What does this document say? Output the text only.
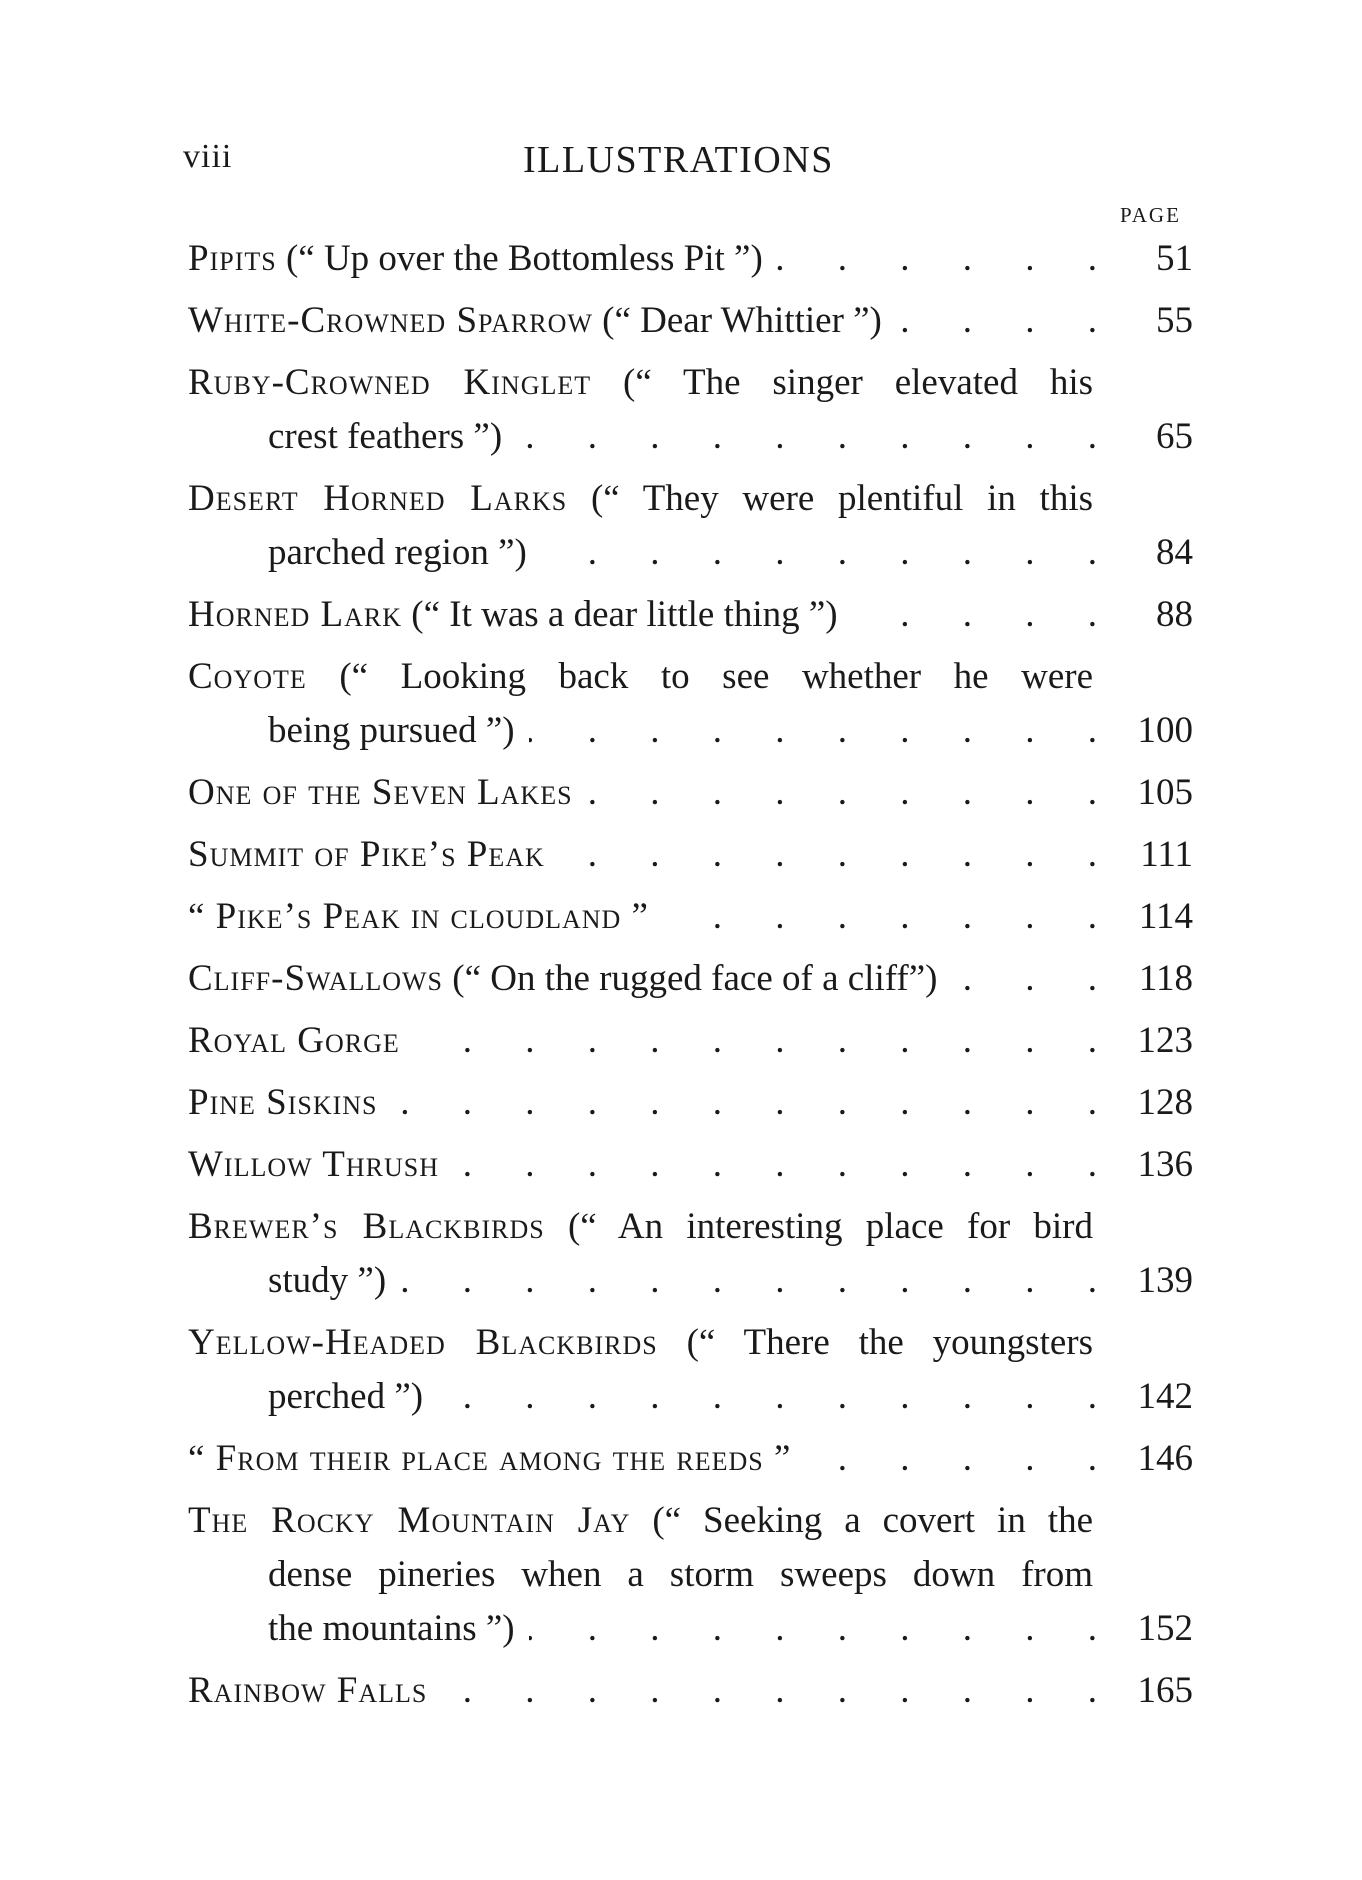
viii	ILLUSTRATIONS
PAGE
Pipits (“ Up over the Bottomless Pit ”) . . .	51
White-Crowned Sparrow (“ Dear Whittier ”) . . .	55
Ruby-Crowned Kinglet (“ The singer elevated his
crest feathers ”) . . .	65
Desert Horned Larks (“ They were plentiful in this
parched region ”) . . .	84
Horned Lark (“ It was a dear little thing ”) . . .	88
Coyote (“ Looking back to see whether he were
being pursued ”) . . .	100
One of the Seven Lakes . . .	105
Summit of Pike’s Peak . . .	111
“ Pike’s Peak in cloudland ” . . .	114
Cliff-Swallows (“ On the rugged face of a cliff”) . . .	118
Royal Gorge . . .	123
Pine Siskins . . .	128
Willow Thrush . . .	136
Brewer’s Blackbirds (“ An interesting place for bird
study ”) . . .	139
Yellow-Headed Blackbirds (“ There the youngsters
perched ”) . . .	142
“ From their place among the reeds ” . . .	146
The Rocky Mountain Jay (“ Seeking a covert in the
dense pineries when a storm sweeps down from
the mountains ”) . . .	152
Rainbow Falls . . .	165
